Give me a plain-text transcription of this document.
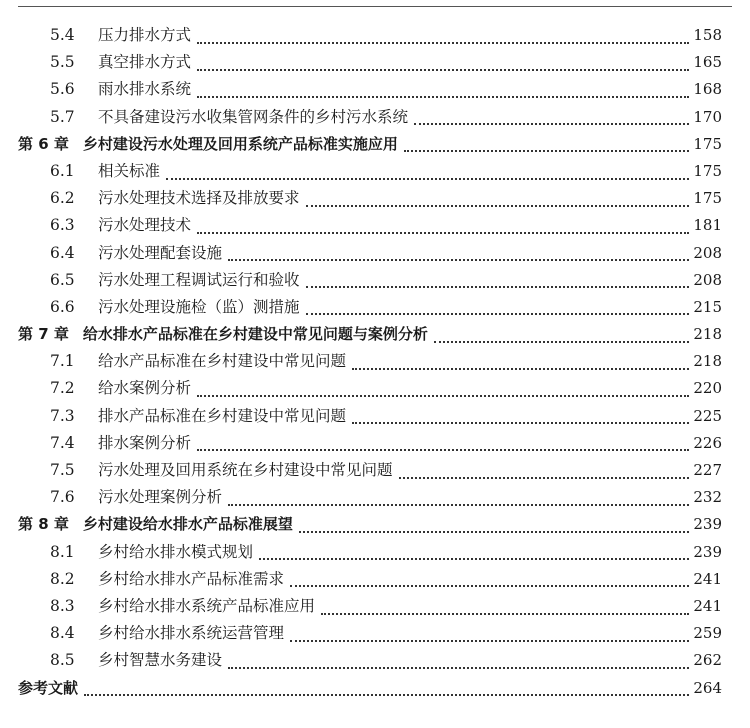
5.4	压力排水方式	158
5.5	真空排水方式	165
5.6	雨水排水系统	168
5.7	不具备建设污水收集管网条件的乡村污水系统	170
第 6 章 乡村建设污水处理及回用系统产品标准实施应用	175
6.1	相关标准	175
6.2	污水处理技术选择及排放要求	175
6.3	污水处理技术	181
6.4	污水处理配套设施	208
6.5	污水处理工程调试运行和验收	208
6.6	污水处理设施检（监）测措施	215
第 7 章 给水排水产品标准在乡村建设中常见问题与案例分析	218
7.1	给水产品标准在乡村建设中常见问题	218
7.2	给水案例分析	220
7.3	排水产品标准在乡村建设中常见问题	225
7.4	排水案例分析	226
7.5	污水处理及回用系统在乡村建设中常见问题	227
7.6	污水处理案例分析	232
第 8 章 乡村建设给水排水产品标准展望	239
8.1	乡村给水排水模式规划	239
8.2	乡村给水排水产品标准需求	241
8.3	乡村给水排水系统产品标准应用	241
8.4	乡村给水排水系统运营管理	259
8.5	乡村智慧水务建设	262
参考文献	264
